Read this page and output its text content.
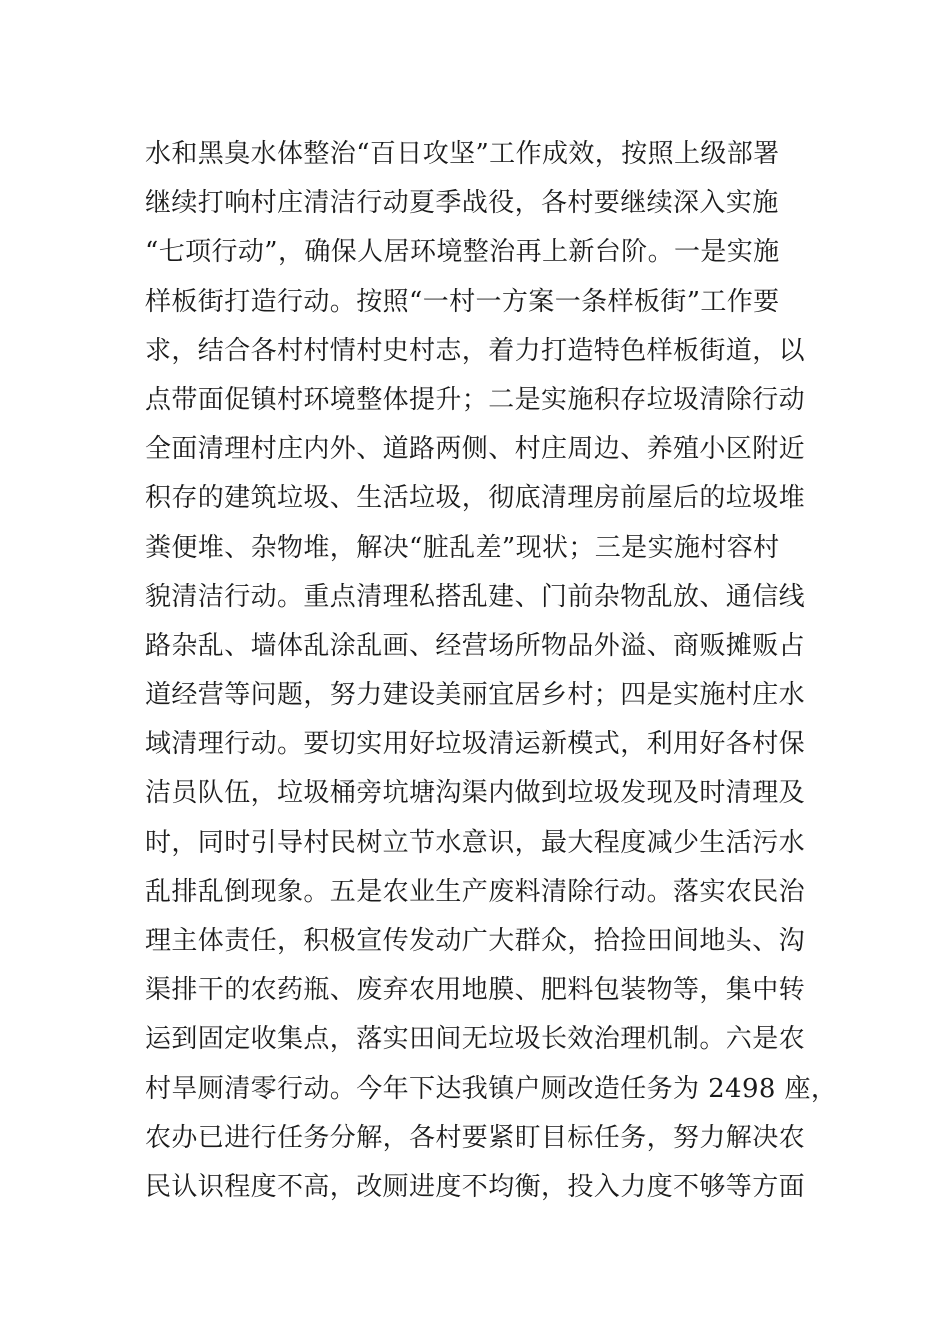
水和黑臭水体整治“百日攻坚”工作成效，按照上级部署
继续打响村庄清洁行动夏季战役，各村要继续深入实施
“七项行动”，确保人居环境整治再上新台阶。一是实施
样板街打造行动。按照“一村一方案一条样板街”工作要
求，结合各村村情村史村志，着力打造特色样板街道，以
点带面促镇村环境整体提升；二是实施积存垃圾清除行动
全面清理村庄内外、道路两侧、村庄周边、养殖小区附近
积存的建筑垃圾、生活垃圾，彻底清理房前屋后的垃圾堆
粪便堆、杂物堆，解决“脏乱差”现状；三是实施村容村
貌清洁行动。重点清理私搭乱建、门前杂物乱放、通信线
路杂乱、墙体乱涂乱画、经营场所物品外溢、商贩摊贩占
道经营等问题，努力建设美丽宜居乡村；四是实施村庄水
域清理行动。要切实用好垃圾清运新模式，利用好各村保
洁员队伍，垃圾桶旁坑塘沟渠内做到垃圾发现及时清理及
时，同时引导村民树立节水意识，最大程度减少生活污水
乱排乱倒现象。五是农业生产废料清除行动。落实农民治
理主体责任，积极宣传发动广大群众，拾捡田间地头、沟
渠排干的农药瓶、废弃农用地膜、肥料包装物等，集中转
运到固定收集点，落实田间无垃圾长效治理机制。六是农
村旱厕清零行动。今年下达我镇户厕改造任务为 2498 座，
农办已进行任务分解，各村要紧盯目标任务，努力解决农
民认识程度不高，改厕进度不均衡，投入力度不够等方面
